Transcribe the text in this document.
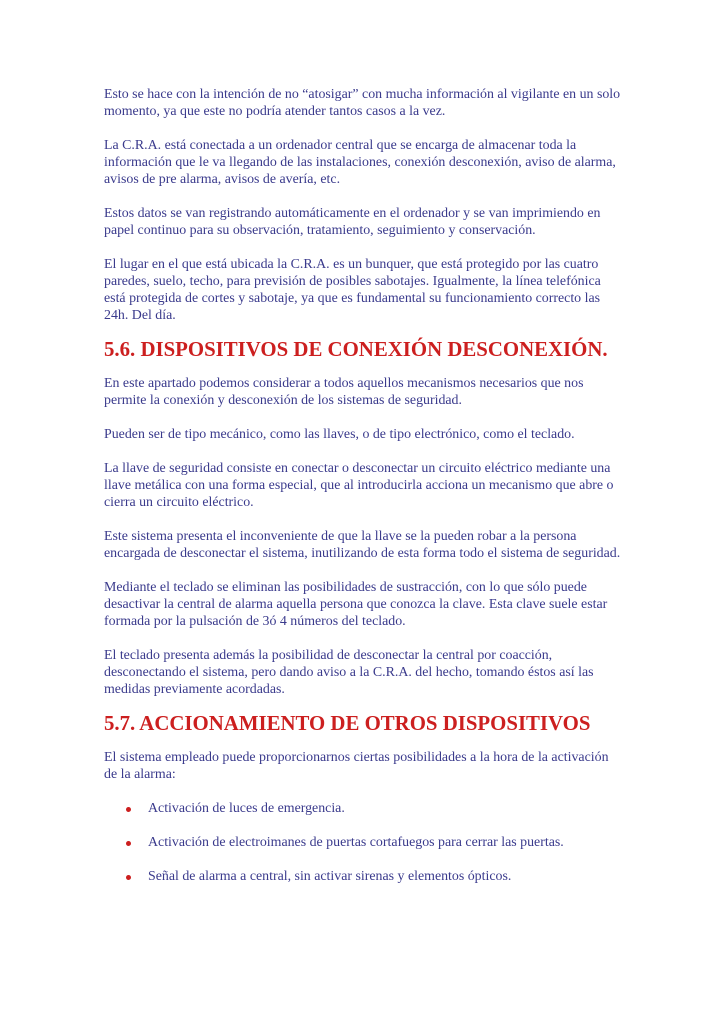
Esto se hace con la intención de no “atosigar” con mucha información al vigilante en un solo momento, ya que este no podría atender tantos casos a la vez.

La C.R.A. está conectada a un ordenador central que se encarga de almacenar toda la información que le va llegando de las instalaciones, conexión desconexión, aviso de alarma, avisos de pre alarma, avisos de avería, etc.

Estos datos se van registrando automáticamente en el ordenador y se van imprimiendo en papel continuo para su observación, tratamiento, seguimiento y conservación.

El lugar en el que está ubicada la C.R.A. es un bunquer, que está protegido por las cuatro paredes, suelo, techo, para previsión de posibles sabotajes. Igualmente, la línea telefónica está protegida de cortes y sabotaje, ya que es fundamental su funcionamiento correcto las 24h. Del día.

5.6. DISPOSITIVOS DE CONEXIÓN DESCONEXIÓN.

En este apartado podemos considerar a todos aquellos mecanismos necesarios que nos permite la conexión y desconexión de los sistemas de seguridad.

Pueden ser de tipo mecánico, como las llaves, o de tipo electrónico, como el teclado.

La llave de seguridad consiste en conectar o desconectar un circuito eléctrico mediante una llave metálica con una forma especial, que al introducirla acciona un mecanismo que abre o cierra un circuito eléctrico.

Este sistema presenta el inconveniente de que la llave se la pueden robar a la persona encargada de desconectar el sistema, inutilizando de esta forma todo el sistema de seguridad.

Mediante el teclado se eliminan las posibilidades de sustracción, con lo que sólo puede desactivar la central de alarma aquella persona que conozca la clave. Esta clave suele estar formada por la pulsación de 3ó 4 números del teclado.

El teclado presenta además la posibilidad de desconectar la central por coacción, desconectando el sistema, pero dando aviso a la C.R.A. del hecho, tomando éstos así las medidas previamente acordadas.

5.7. ACCIONAMIENTO DE OTROS DISPOSITIVOS

El sistema empleado puede proporcionarnos ciertas posibilidades a la hora de la activación de la alarma:

Activación de luces de emergencia.
Activación de electroimanes de puertas cortafuegos para cerrar las puertas.
Señal de alarma a central, sin activar sirenas y elementos ópticos.
